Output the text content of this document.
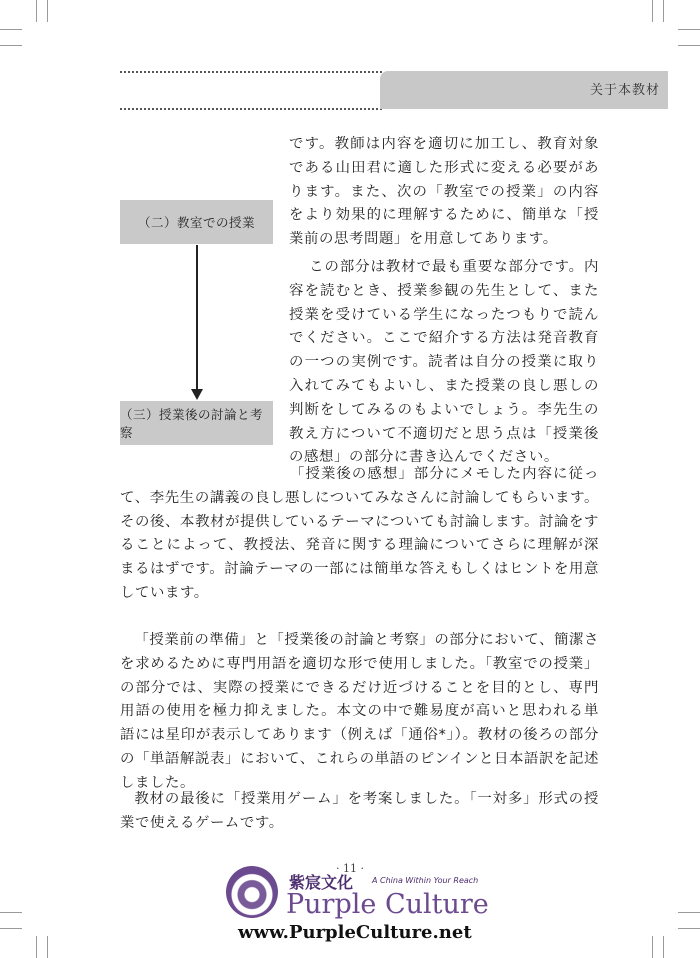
关于本教材
（二）教室での授業
（三）授業後の討論と考察

です。教師は内容を適切に加工し、教育対象である山田君に適した形式に変える必要があります。また、次の「教室での授業」の内容をより効果的に理解するために、簡単な「授業前の思考問題」を用意してあります。

この部分は教材で最も重要な部分です。内容を読むとき、授業参観の先生として、また授業を受けている学生になったつもりで読んでください。ここで紹介する方法は発音教育の一つの実例です。読者は自分の授業に取り入れてみてもよいし、また授業の良し悪しの判断をしてみるのもよいでしょう。李先生の教え方について不適切だと思う点は「授業後の感想」の部分に書き込んでください。

「授業後の感想」部分にメモした内容に従って、李先生の講義の良し悪しについてみなさんに討論してもらいます。その後、本教材が提供しているテーマについても討論します。討論をすることによって、教授法、発音に関する理論についてさらに理解が深まるはずです。討論テーマの一部には簡単な答えもしくはヒントを用意しています。

「授業前の準備」と「授業後の討論と考察」の部分において、簡潔さを求めるために専門用語を適切な形で使用しました。「教室での授業」の部分では、実際の授業にできるだけ近づけることを目的とし、専門用語の使用を極力抑えました。本文の中で難易度が高いと思われる単語には星印が表示してあります（例えば「通俗*」）。教材の後ろの部分の「単語解説表」において、これらの単語のピンインと日本語訳を記述しました。

教材の最後に「授業用ゲーム」を考案しました。「一対多」形式の授業で使えるゲームです。

· 11 ·
紫宸文化 A China Within Your Reach
Purple Culture
www.PurpleCulture.net
